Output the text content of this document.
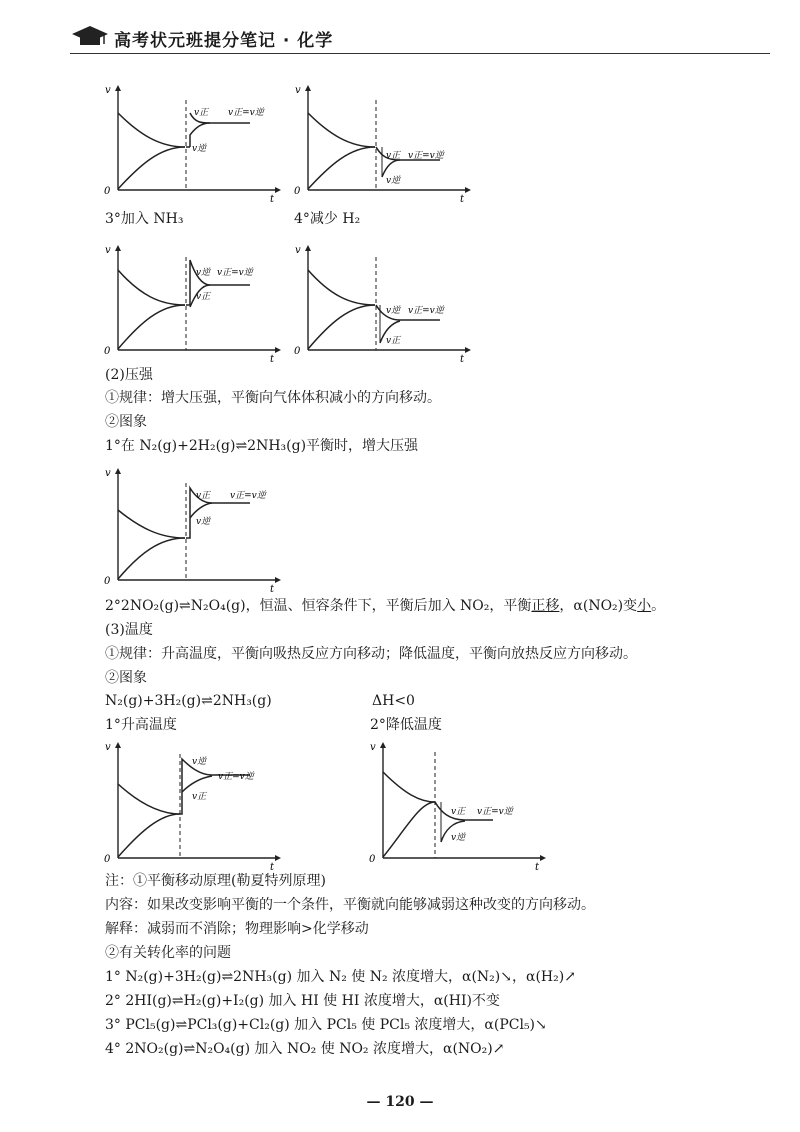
高考状元班提分笔记 · 化学
v
t
0
v正 v正=v逆
v逆
v
t
0
v正 v正=v逆
v逆
3°加入 NH₃	4°减少 H₂
v
t
0
v逆 v正=v逆
v正
v
t
0
v逆 v正=v逆
v正
(2)压强
①规律：增大压强，平衡向气体体积减小的方向移动。
②图象
1°在 N₂(g)+2H₂(g)⇌2NH₃(g)平衡时，增大压强
v
t
0
v正 v正=v逆
v逆
2°2NO₂(g)⇌N₂O₄(g)，恒温、恒容条件下，平衡后加入 NO₂，平衡正移，α(NO₂)变小。
(3)温度
①规律：升高温度，平衡向吸热反应方向移动；降低温度，平衡向放热反应方向移动。
②图象
N₂(g)+3H₂(g)⇌2NH₃(g)	ΔH<0
1°升高温度	2°降低温度
v
t
0
v逆
v正=v逆
v正
v
t
0
v正 v正=v逆
v逆
注：①平衡移动原理(勒夏特列原理)
内容：如果改变影响平衡的一个条件，平衡就向能够减弱这种改变的方向移动。
解释：减弱而不消除；物理影响>化学移动
②有关转化率的问题
1° N₂(g)+3H₂(g)⇌2NH₃(g) 加入 N₂ 使 N₂ 浓度增大，α(N₂)↘，α(H₂)↗
2° 2HI(g)⇌H₂(g)+I₂(g) 加入 HI 使 HI 浓度增大，α(HI)不变
3° PCl₅(g)⇌PCl₃(g)+Cl₂(g) 加入 PCl₅ 使 PCl₅ 浓度增大，α(PCl₅)↘
4° 2NO₂(g)⇌N₂O₄(g) 加入 NO₂ 使 NO₂ 浓度增大，α(NO₂)↗
— 120 —
